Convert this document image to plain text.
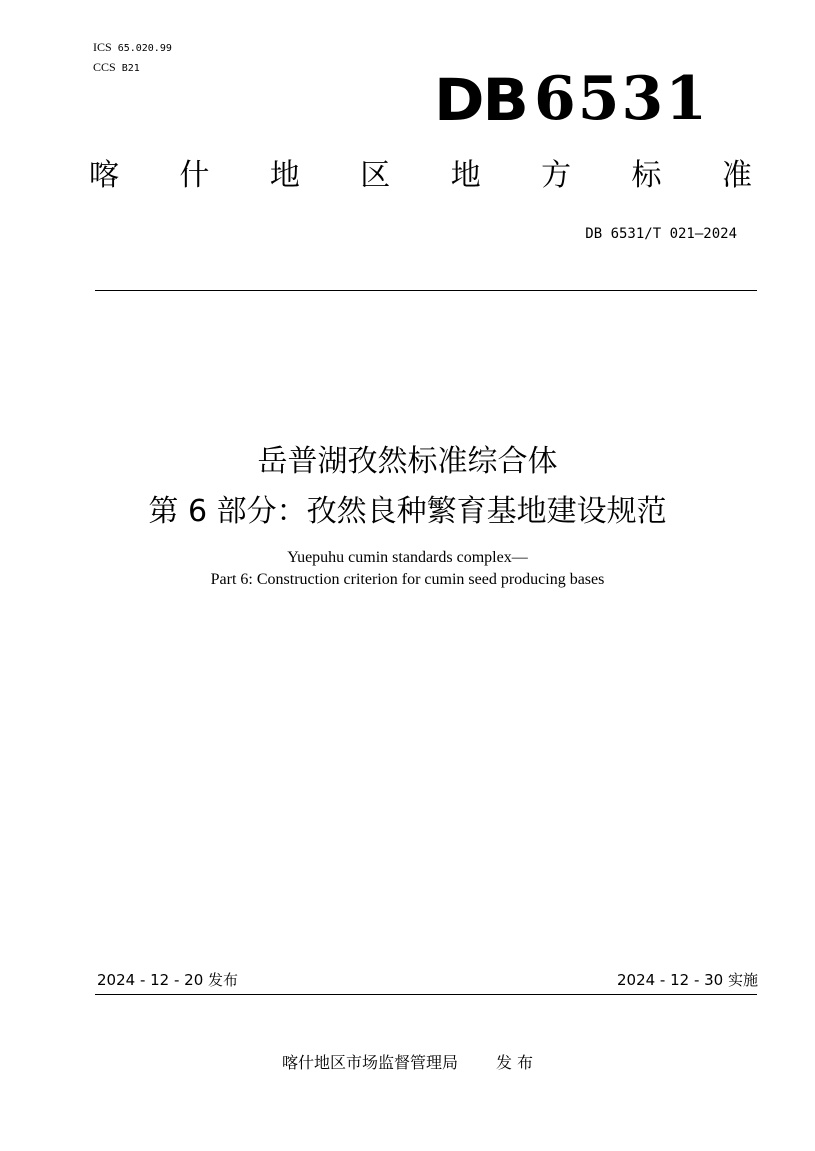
ICS 65.020.99
CCS B21	DB 6531
喀 什 地 区 地 方 标 准
DB 6531/T 021—2024
岳普湖孜然标准综合体
第 6 部分：孜然良种繁育基地建设规范
Yuepuhu cumin standards complex—
Part 6: Construction criterion for cumin seed producing bases
2024 - 12 - 20 发布	2024 - 12 - 30 实施
喀什地区市场监督管理局 发 布
